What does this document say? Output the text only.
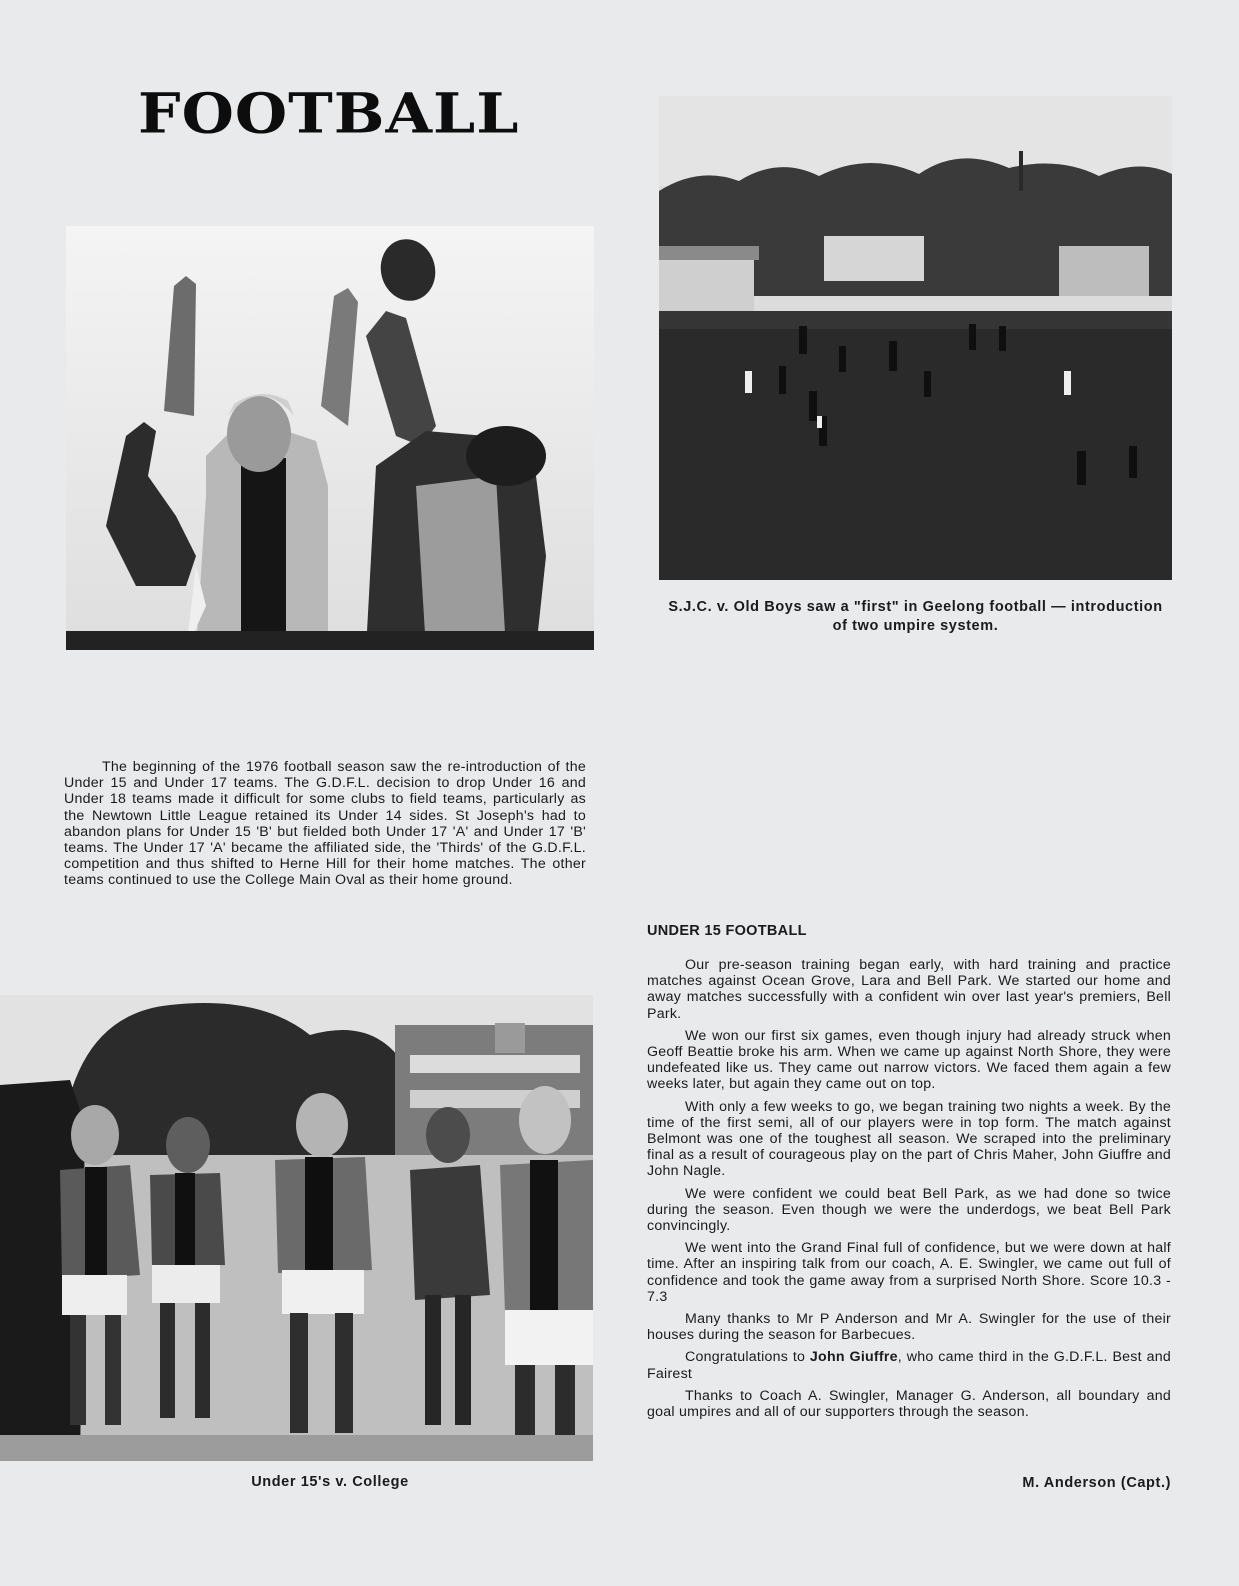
FOOTBALL

S.J.C. v. Old Boys saw a "first" in Geelong football — introduction of two umpire system.

The beginning of the 1976 football season saw the re-introduction of the Under 15 and Under 17 teams. The G.D.F.L. decision to drop Under 16 and Under 18 teams made it difficult for some clubs to field teams, particularly as the Newtown Little League retained its Under 14 sides. St Joseph's had to abandon plans for Under 15 'B' but fielded both Under 17 'A' and Under 17 'B' teams. The Under 17 'A' became the affiliated side, the 'Thirds' of the G.D.F.L. competition and thus shifted to Herne Hill for their home matches. The other teams continued to use the College Main Oval as their home ground.

Under 15's v. College

UNDER 15 FOOTBALL

Our pre-season training began early, with hard training and practice matches against Ocean Grove, Lara and Bell Park. We started our home and away matches successfully with a confident win over last year's premiers, Bell Park.

We won our first six games, even though injury had already struck when Geoff Beattie broke his arm. When we came up against North Shore, they were undefeated like us. They came out narrow victors. We faced them again a few weeks later, but again they came out on top.

With only a few weeks to go, we began training two nights a week. By the time of the first semi, all of our players were in top form. The match against Belmont was one of the toughest all season. We scraped into the preliminary final as a result of courageous play on the part of Chris Maher, John Giuffre and John Nagle.

We were confident we could beat Bell Park, as we had done so twice during the season. Even though we were the underdogs, we beat Bell Park convincingly.

We went into the Grand Final full of confidence, but we were down at half time. After an inspiring talk from our coach, A. E. Swingler, we came out full of confidence and took the game away from a surprised North Shore. Score 10.3 - 7.3

Many thanks to Mr P Anderson and Mr A. Swingler for the use of their houses during the season for Barbecues.

Congratulations to John Giuffre, who came third in the G.D.F.L. Best and Fairest

Thanks to Coach A. Swingler, Manager G. Anderson, all boundary and goal umpires and all of our supporters through the season.

M. Anderson (Capt.)
